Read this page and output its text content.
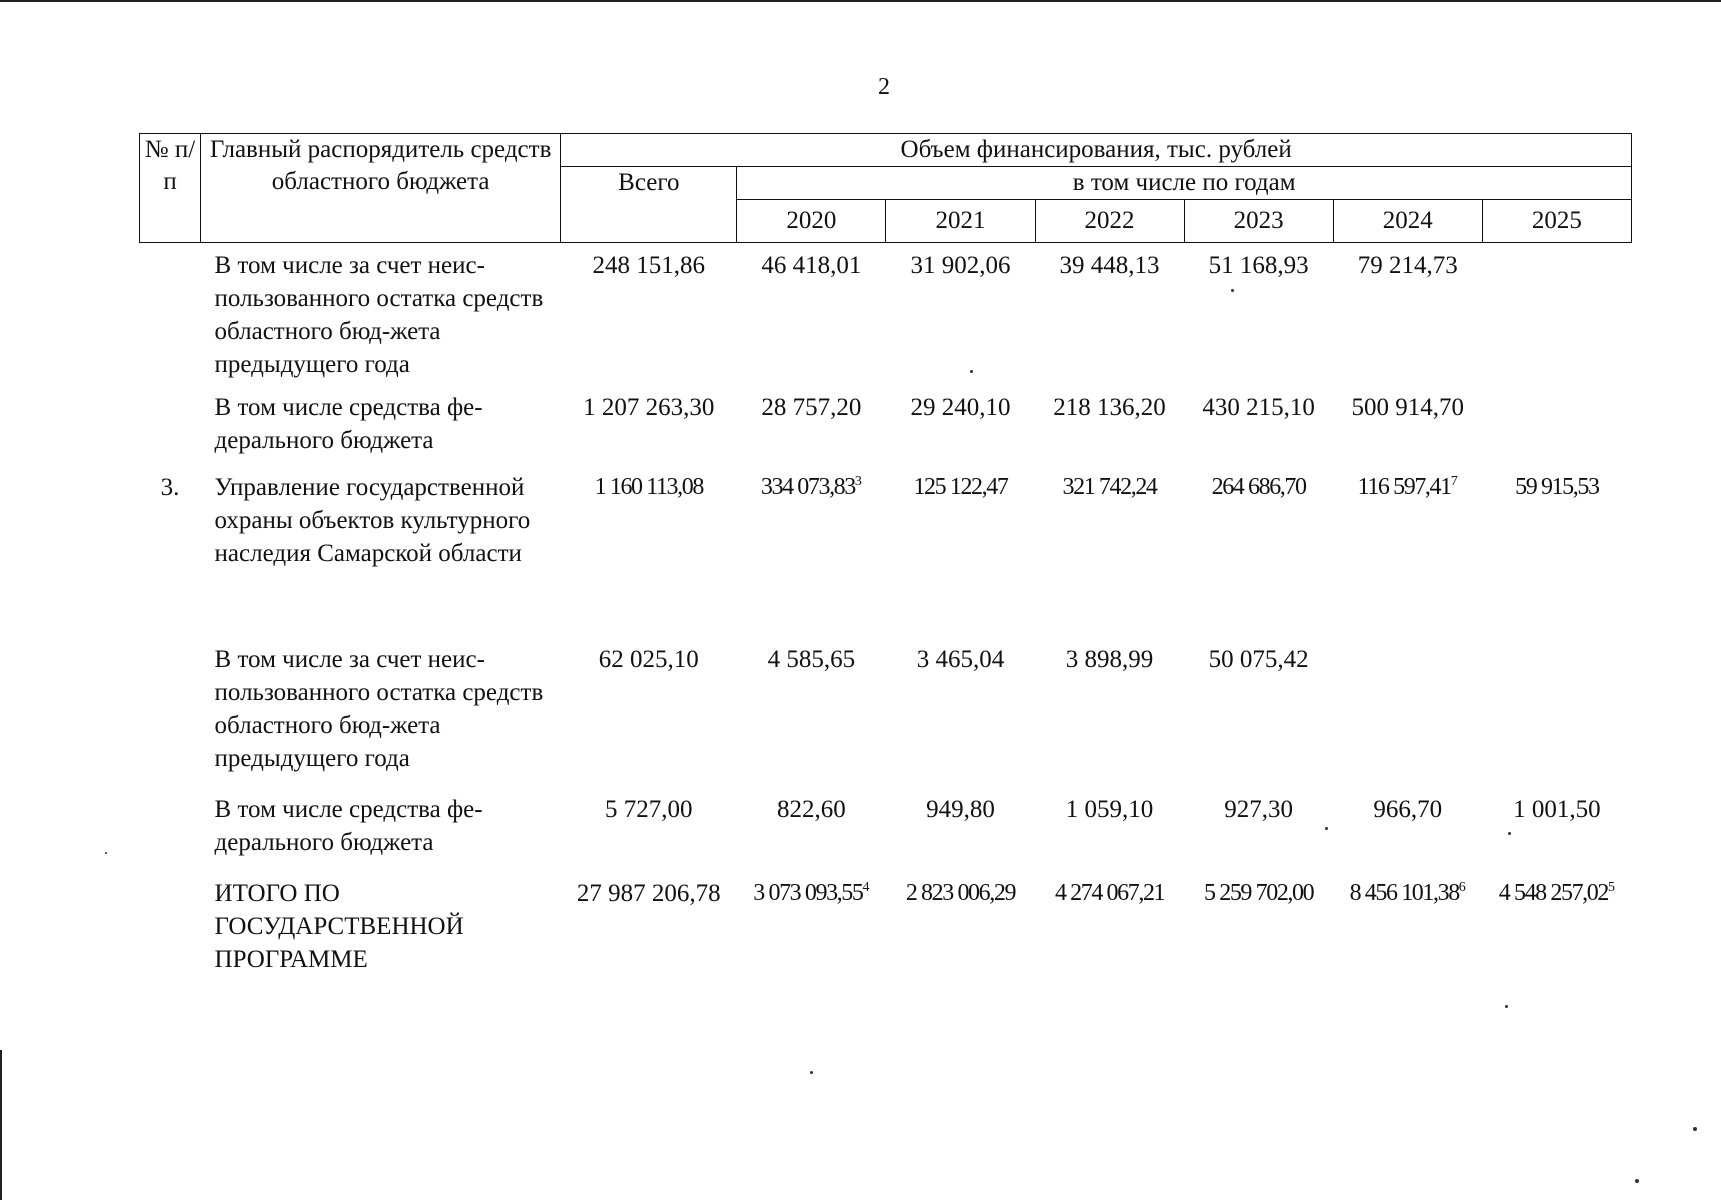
2
№ п/п	Главный распорядитель средств областного бюджета	Объем финансирования, тыс. рублей						
		Всего	в том числе по годам					
			2020	2021	2022	2023	2024	2025
	В том числе за счет неис-пользованного остатка средств областного бюд-жета предыдущего года	248 151,86	46 418,01	31 902,06	39 448,13	51 168,93	79 214,73	
	В том числе средства фе-дерального бюджета	1 207 263,30	28 757,20	29 240,10	218 136,20	430 215,10	500 914,70	
3.	Управление государственной охраны объектов культурного наследия Самарской области	1 160 113,08	334 073,83$^3$	125 122,47	321 742,24	264 686,70	116 597,41$^7$	59 915,53
	В том числе за счет неис-пользованного остатка средств областного бюд-жета предыдущего года	62 025,10	4 585,65	3 465,04	3 898,99	50 075,42		
	В том числе средства фе-дерального бюджета	5 727,00	822,60	949,80	1 059,10	927,30	966,70	1 001,50
	ИТОГО ПО ГОСУДАРСТВЕННОЙ ПРОГРАММЕ	27 987 206,78	3 073 093,55$^4$	2 823 006,29	4 274 067,21	5 259 702,00	8 456 101,38$^6$	4 548 257,02$^5$
